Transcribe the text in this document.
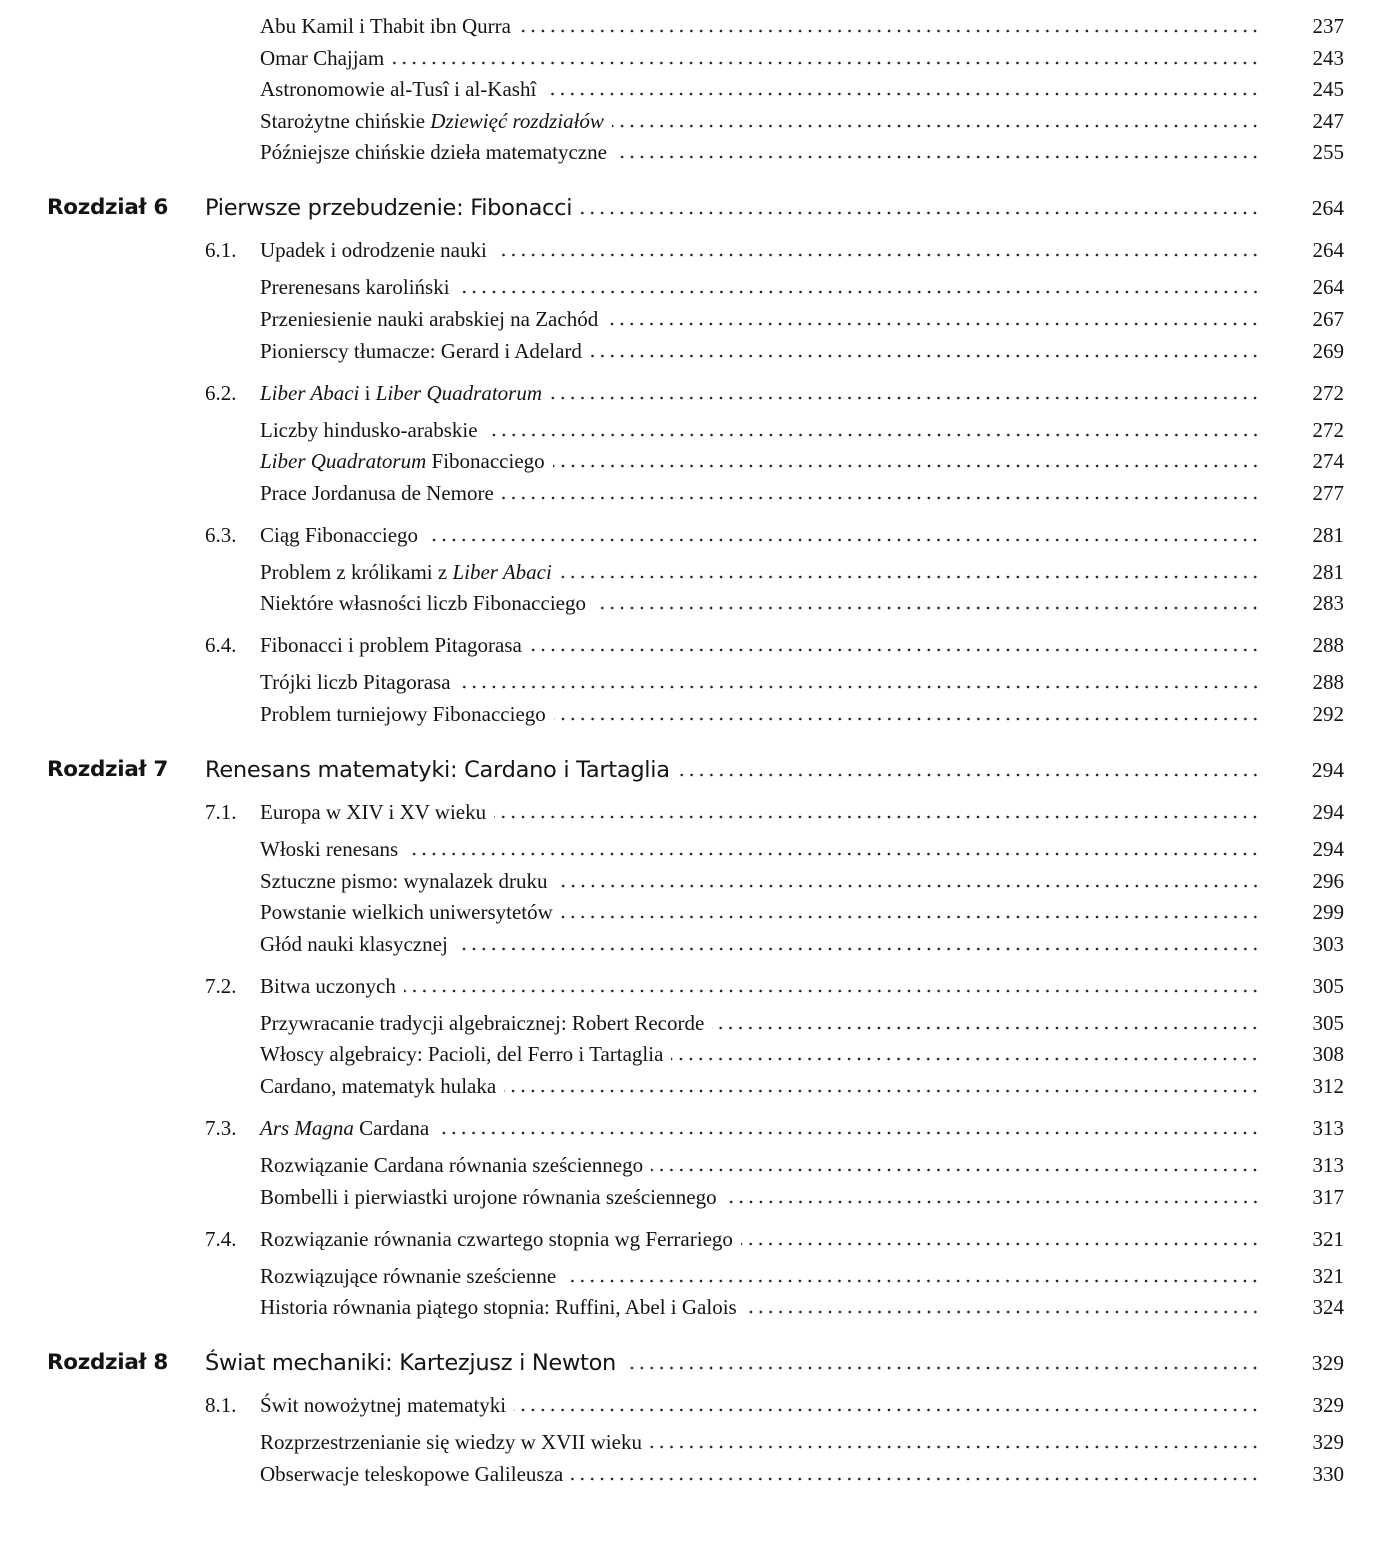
Abu Kamil i Thabit ibn Qurra	237
Omar Chajjam	243
Astronomowie al-Tusî i al-Kashî	245
Starożytne chińskie Dziewięć rozdziałów	247
Późniejsze chińskie dzieła matematyczne	255
Rozdział 6	Pierwsze przebudzenie: Fibonacci	264
6.1.	Upadek i odrodzenie nauki	264
Prerenesans karoliński	264
Przeniesienie nauki arabskiej na Zachód	267
Pionierscy tłumacze: Gerard i Adelard	269
6.2.	Liber Abaci i Liber Quadratorum	272
Liczby hindusko-arabskie	272
Liber Quadratorum Fibonacciego	274
Prace Jordanusa de Nemore	277
6.3.	Ciąg Fibonacciego	281
Problem z królikami z Liber Abaci	281
Niektóre własności liczb Fibonacciego	283
6.4.	Fibonacci i problem Pitagorasa	288
Trójki liczb Pitagorasa	288
Problem turniejowy Fibonacciego	292
Rozdział 7	Renesans matematyki: Cardano i Tartaglia	294
7.1.	Europa w XIV i XV wieku	294
Włoski renesans	294
Sztuczne pismo: wynalazek druku	296
Powstanie wielkich uniwersytetów	299
Głód nauki klasycznej	303
7.2.	Bitwa uczonych	305
Przywracanie tradycji algebraicznej: Robert Recorde	305
Włoscy algebraicy: Pacioli, del Ferro i Tartaglia	308
Cardano, matematyk hulaka	312
7.3.	Ars Magna Cardana	313
Rozwiązanie Cardana równania sześciennego	313
Bombelli i pierwiastki urojone równania sześciennego	317
7.4.	Rozwiązanie równania czwartego stopnia wg Ferrariego	321
Rozwiązujące równanie sześcienne	321
Historia równania piątego stopnia: Ruffini, Abel i Galois	324
Rozdział 8	Świat mechaniki: Kartezjusz i Newton	329
8.1.	Świt nowożytnej matematyki	329
Rozprzestrzenianie się wiedzy w XVII wieku	329
Obserwacje teleskopowe Galileusza	330
